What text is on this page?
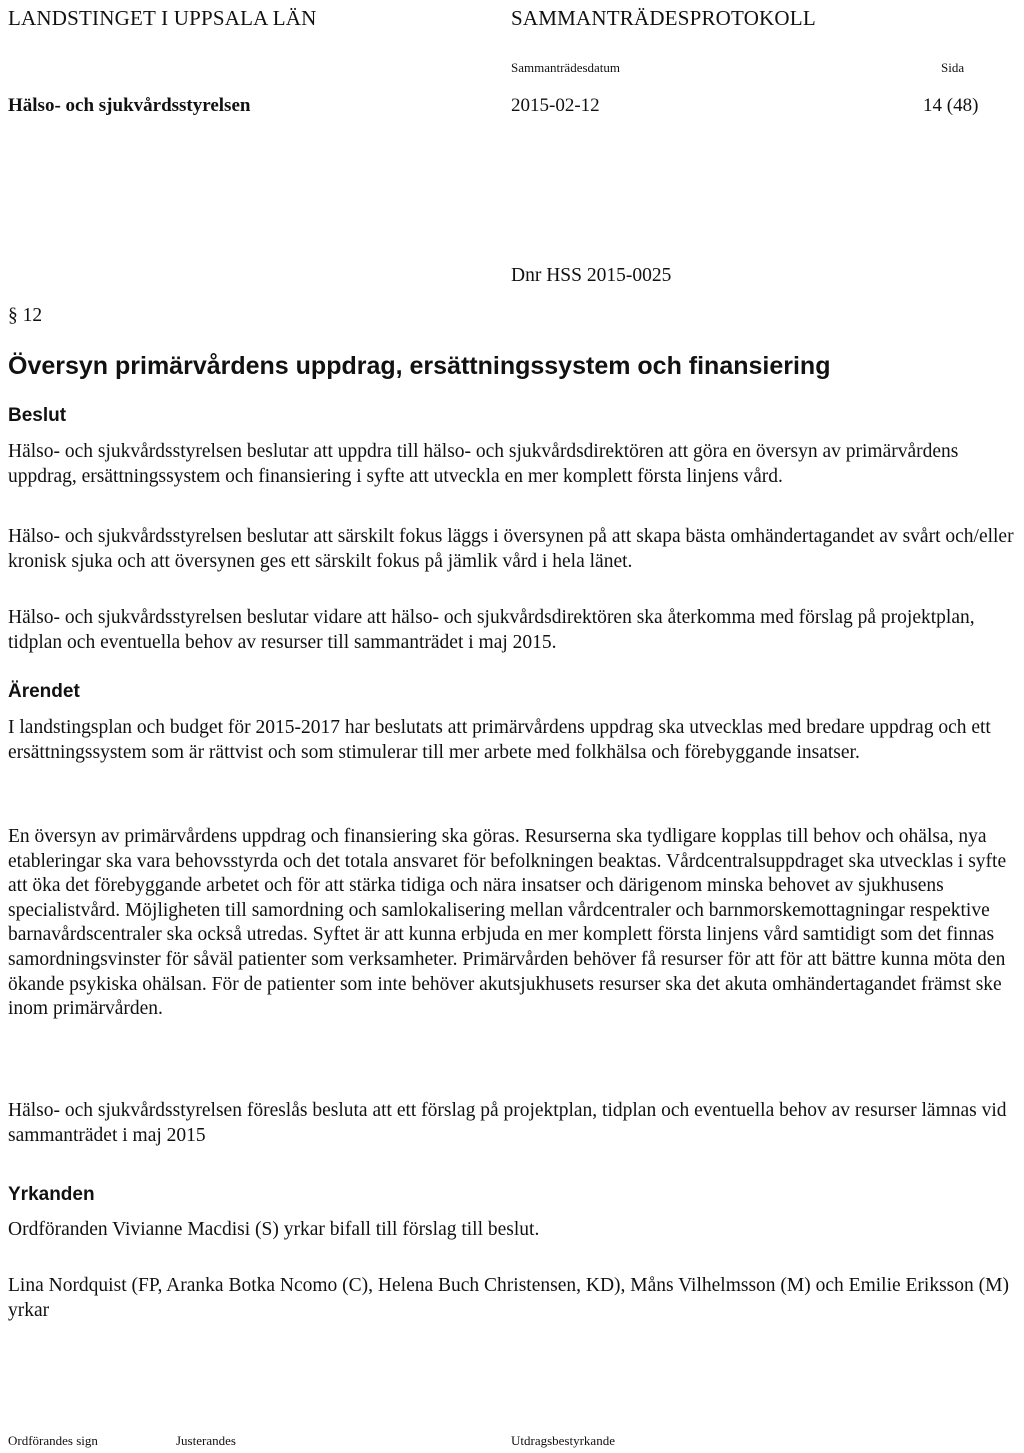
LANDSTINGET I UPPSALA LÄN	SAMMANTRÄDESPROTOKOLL
Sammanträdesdatum	Sida
Hälso- och sjukvårdsstyrelsen	2015-02-12	14 (48)
Dnr HSS 2015-0025
§ 12
Översyn primärvårdens uppdrag, ersättningssystem och finansiering
Beslut
Hälso- och sjukvårdsstyrelsen beslutar att uppdra till hälso- och sjukvårdsdirektören att göra en översyn av primärvårdens uppdrag, ersättningssystem och finansiering i syfte att utveckla en mer komplett första linjens vård.
Hälso- och sjukvårdsstyrelsen beslutar att särskilt fokus läggs i översynen på att skapa bästa omhändertagandet av svårt och/eller kronisk sjuka och att översynen ges ett särskilt fokus på jämlik vård i hela länet.
Hälso- och sjukvårdsstyrelsen beslutar vidare att hälso- och sjukvårdsdirektören ska återkomma med förslag på projektplan, tidplan och eventuella behov av resurser till sammanträdet i maj 2015.
Ärendet
I landstingsplan och budget för 2015-2017 har beslutats att primärvårdens uppdrag ska utvecklas med bredare uppdrag och ett ersättningssystem som är rättvist och som stimulerar till mer arbete med folkhälsa och förebyggande insatser.
En översyn av primärvårdens uppdrag och finansiering ska göras. Resurserna ska tydligare kopplas till behov och ohälsa, nya etableringar ska vara behovsstyrda och det totala ansvaret för befolkningen beaktas. Vårdcentralsuppdraget ska utvecklas i syfte att öka det förebyggande arbetet och för att stärka tidiga och nära insatser och därigenom minska behovet av sjukhusens specialistvård. Möjligheten till samordning och samlokalisering mellan vårdcentraler och barnmorskemottagningar respektive barnavårdscentraler ska också utredas. Syftet är att kunna erbjuda en mer komplett första linjens vård samtidigt som det finnas samordningsvinster för såväl patienter som verksamheter. Primärvården behöver få resurser för att för att bättre kunna möta den ökande psykiska ohälsan. För de patienter som inte behöver akutsjukhusets resurser ska det akuta omhändertagandet främst ske inom primärvården.
Hälso- och sjukvårdsstyrelsen föreslås besluta att ett förslag på projektplan, tidplan och eventuella behov av resurser lämnas vid sammanträdet i maj 2015
Yrkanden
Ordföranden Vivianne Macdisi (S) yrkar bifall till förslag till beslut.
Lina Nordquist (FP, Aranka Botka Ncomo (C), Helena Buch Christensen, KD), Måns Vilhelmsson (M) och Emilie Eriksson (M) yrkar
Ordförandes sign	Justerandes	Utdragsbestyrkande
